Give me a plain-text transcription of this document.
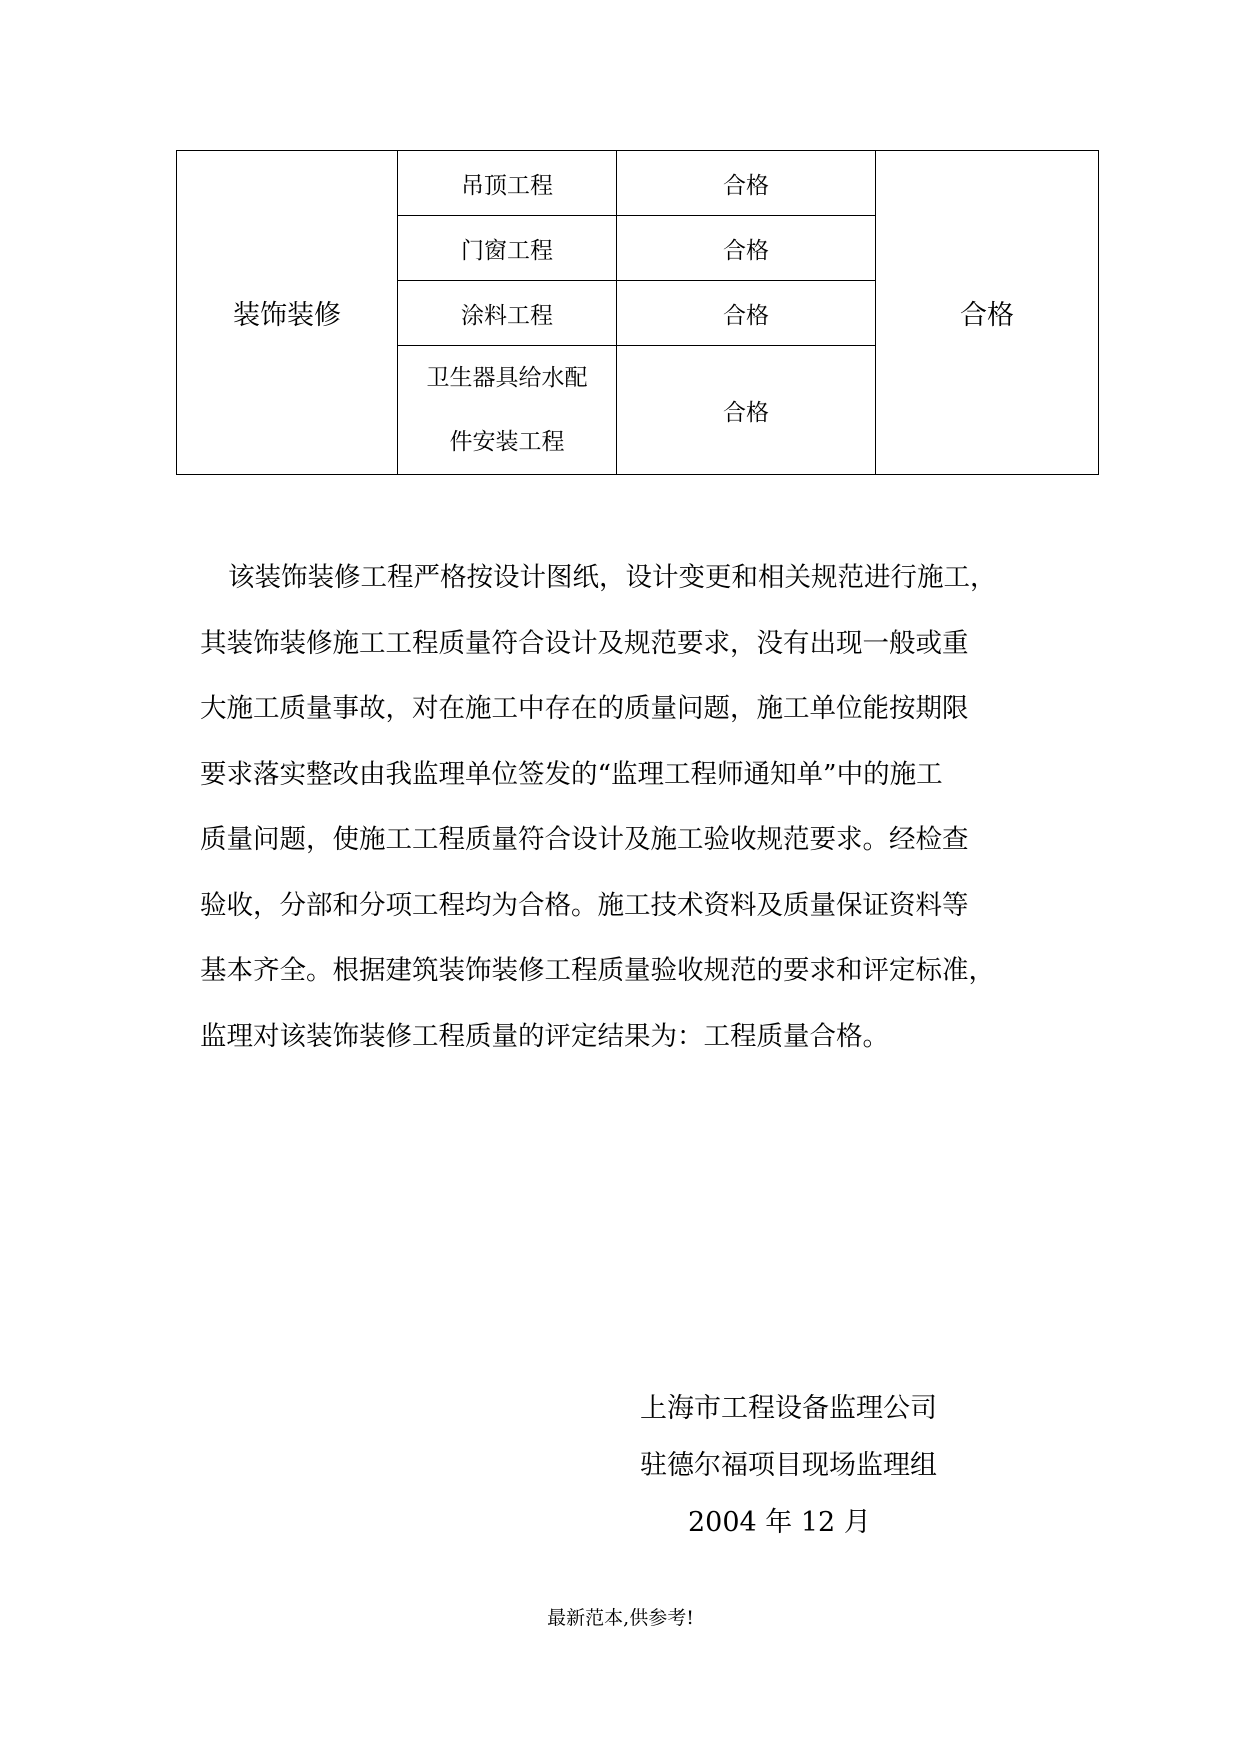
装饰装修	吊顶工程	合格	合格
	门窗工程	合格	
	涂料工程	合格	

	卫生器具给水配
件安装工程	合格	

该装饰装修工程严格按设计图纸，设计变更和相关规范进行施工，
其装饰装修施工工程质量符合设计及规范要求，没有出现一般或重
大施工质量事故，对在施工中存在的质量问题，施工单位能按期限
要求落实整改由我监理单位签发的“监理工程师通知单”中的施工
质量问题，使施工工程质量符合设计及施工验收规范要求。经检查
验收，分部和分项工程均为合格。施工技术资料及质量保证资料等
基本齐全。根据建筑装饰装修工程质量验收规范的要求和评定标准，
监理对该装饰装修工程质量的评定结果为：工程质量合格。

上海市工程设备监理公司
驻德尔福项目现场监理组
2004 年 12 月
最新范本,供参考!
